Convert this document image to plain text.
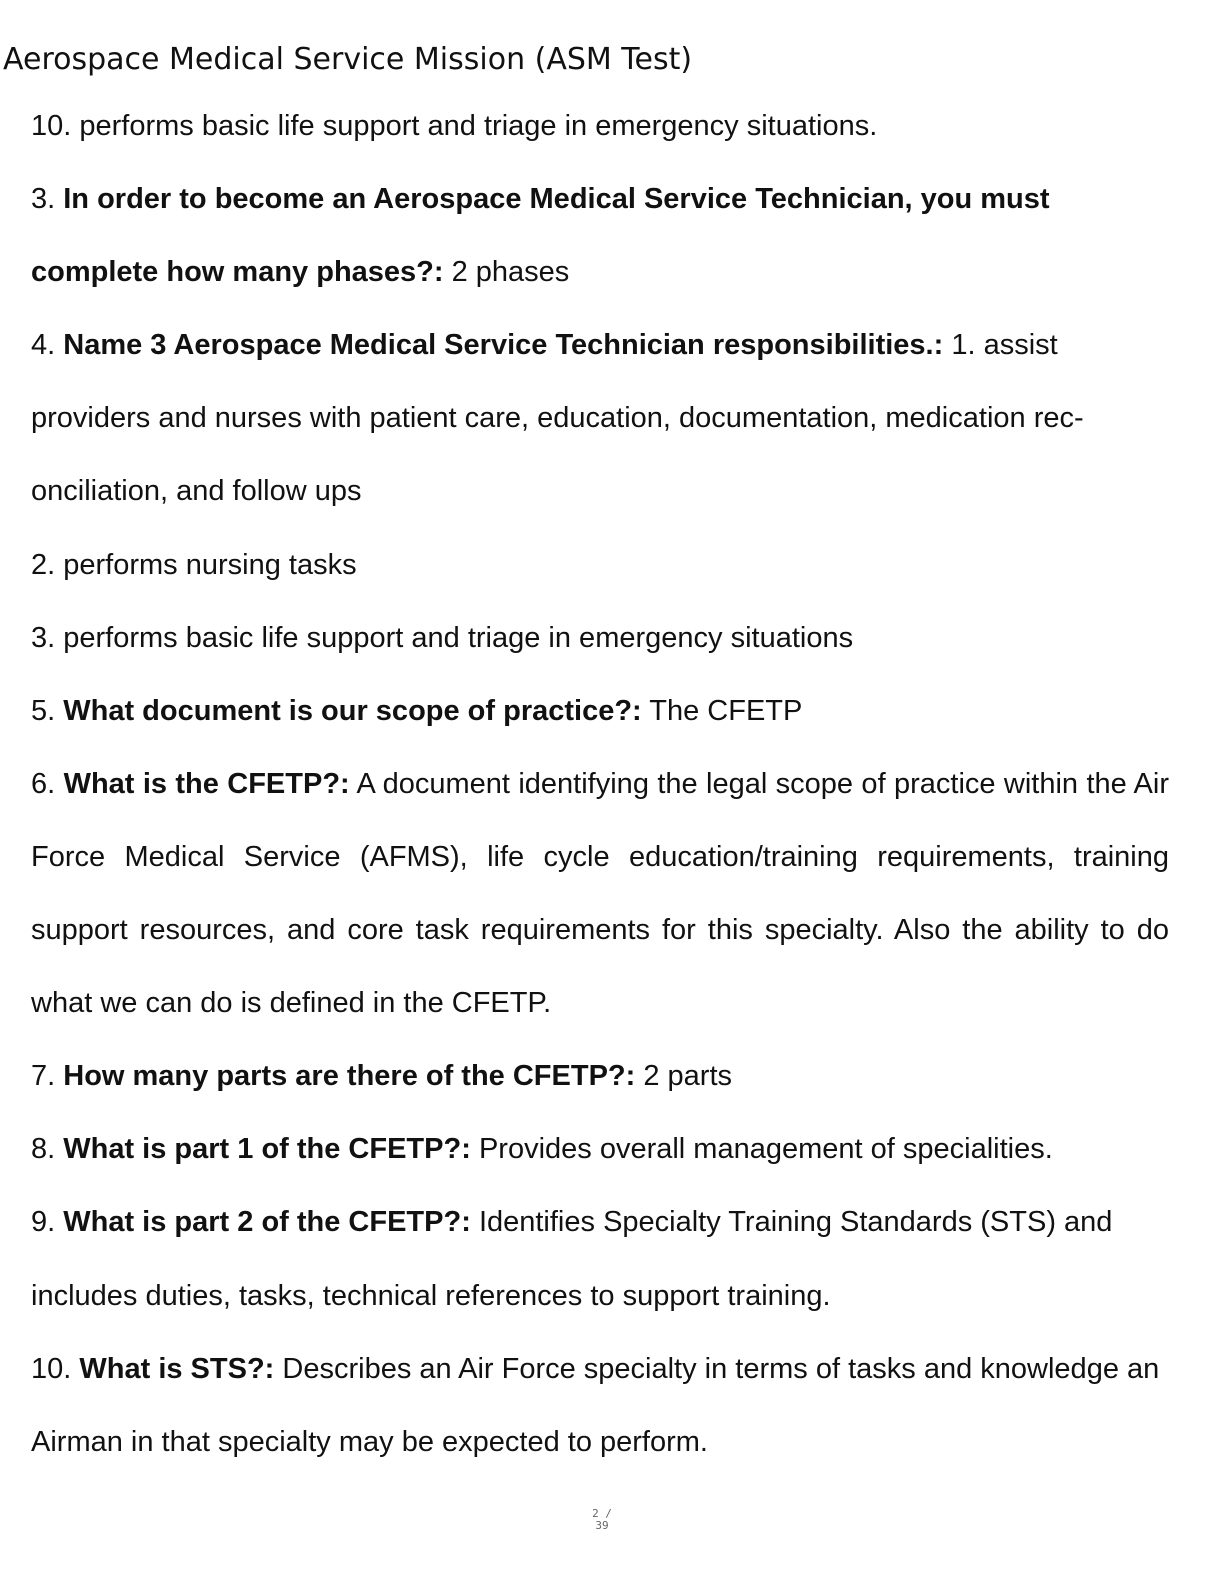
Aerospace Medical Service Mission (ASM Test)

10. performs basic life support and triage in emergency situations.

3. In order to become an Aerospace Medical Service Technician, you must complete how many phases?: 2 phases

4. Name 3 Aerospace Medical Service Technician responsibilities.: 1. assist providers and nurses with patient care, education, documentation, medication rec- onciliation, and follow ups

2. performs nursing tasks

3. performs basic life support and triage in emergency situations

5. What document is our scope of practice?: The CFETP

6. What is the CFETP?: A document identifying the legal scope of practice within the Air Force Medical Service (AFMS), life cycle education/training requirements, training support resources, and core task requirements for this specialty. Also the ability to do what we can do is defined in the CFETP.

7. How many parts are there of the CFETP?: 2 parts

8. What is part 1 of the CFETP?: Provides overall management of specialities.

9. What is part 2 of the CFETP?: Identifies Specialty Training Standards (STS) and includes duties, tasks, technical references to support training.

10. What is STS?: Describes an Air Force specialty in terms of tasks and knowledge an Airman in that specialty may be expected to perform.

2 /
39
